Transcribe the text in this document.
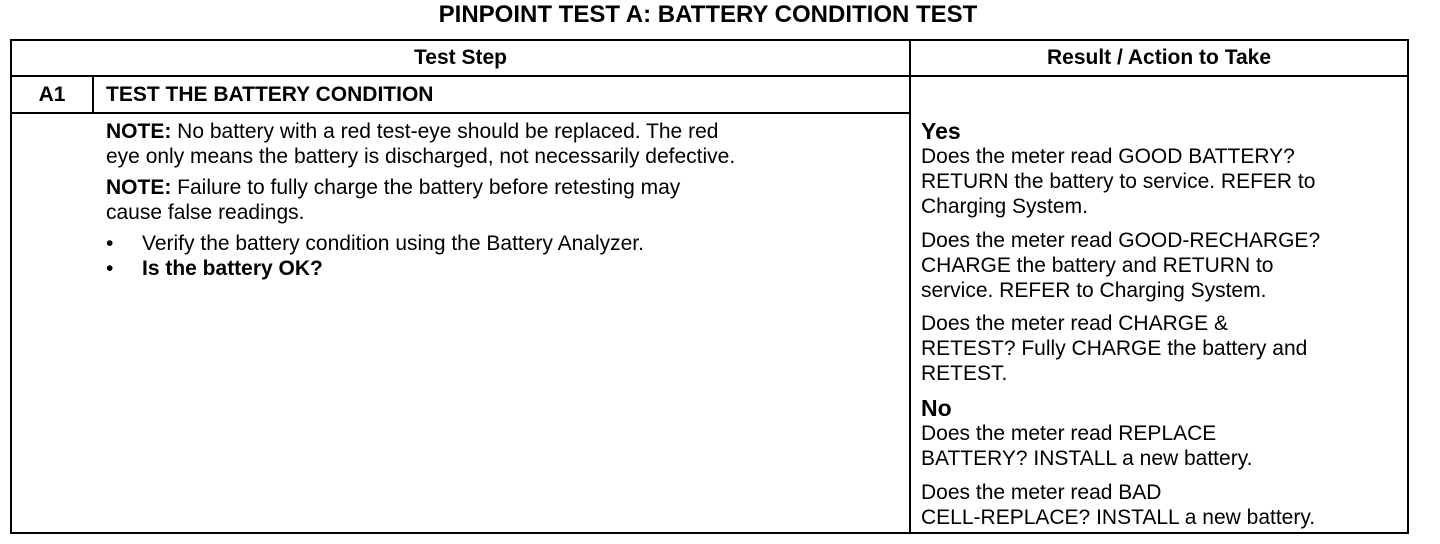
PINPOINT TEST A: BATTERY CONDITION TEST
Test Step	Result / Action to Take
A1	TEST THE BATTERY CONDITION
NOTE: No battery with a red test-eye should be replaced. The red
eye only means the battery is discharged, not necessarily defective.
NOTE: Failure to fully charge the battery before retesting may
cause false readings.
• Verify the battery condition using the Battery Analyzer.
• Is the battery OK?
Yes
Does the meter read GOOD BATTERY?
RETURN the battery to service. REFER to
Charging System.
Does the meter read GOOD-RECHARGE?
CHARGE the battery and RETURN to
service. REFER to Charging System.
Does the meter read CHARGE &
RETEST? Fully CHARGE the battery and
RETEST.
No
Does the meter read REPLACE
BATTERY? INSTALL a new battery.
Does the meter read BAD
CELL-REPLACE? INSTALL a new battery.
